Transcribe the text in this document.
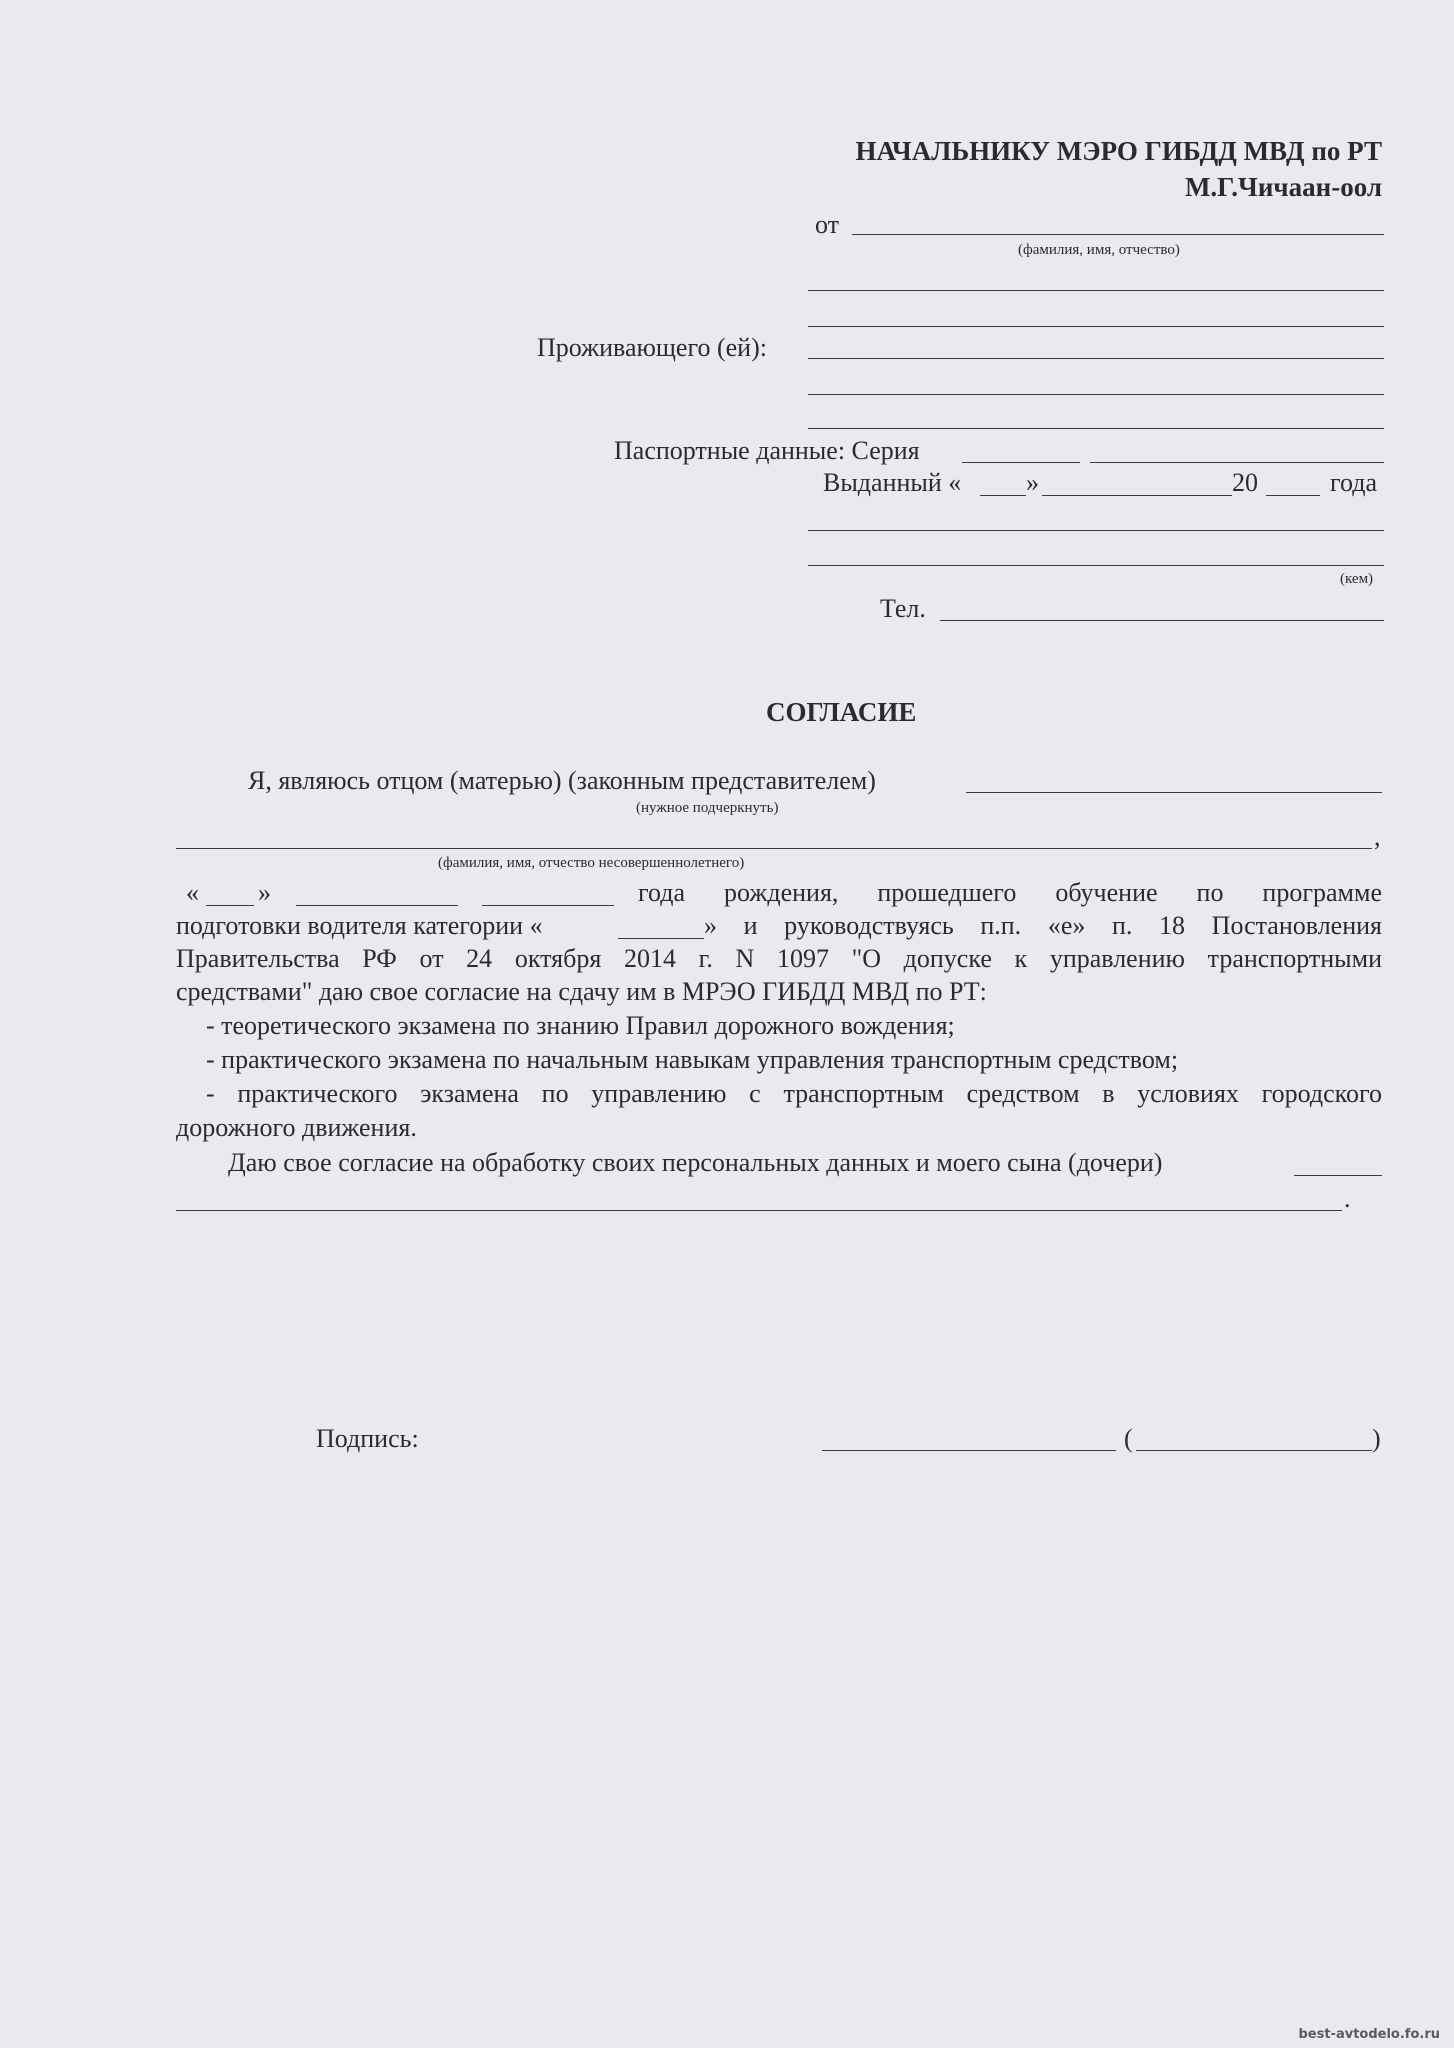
НАЧАЛЬНИКУ МЭРО ГИБДД МВД по РТ
М.Г.Чичаан-оол
от
(фамилия, имя, отчество)
Проживающего (ей):
Паспортные данные: Серия
Выданный « »	20	года
(кем)
Тел.
СОГЛАСИЕ
Я, являюсь отцом (матерью) (законным представителем)
(нужное подчеркнуть)
,
(фамилия, имя, отчество несовершеннолетнего)
« »	года рождения, прошедшего обучение по программе
подготовки водителя категории «	» и руководствуясь п.п. «е» п. 18 Постановления
Правительства РФ от 24 октября 2014 г. N 1097 "О допуске к управлению транспортными
средствами" даю свое согласие на сдачу им в МРЭО ГИБДД МВД по РТ:
- теоретического экзамена по знанию Правил дорожного вождения;
- практического экзамена по начальным навыкам управления транспортным средством;
- практического экзамена по управлению с транспортным средством в условиях городского
дорожного движения.
Даю свое согласие на обработку своих персональных данных и моего сына (дочери)
.
Подпись:	(	)
best-avtodelo.fo.ru
